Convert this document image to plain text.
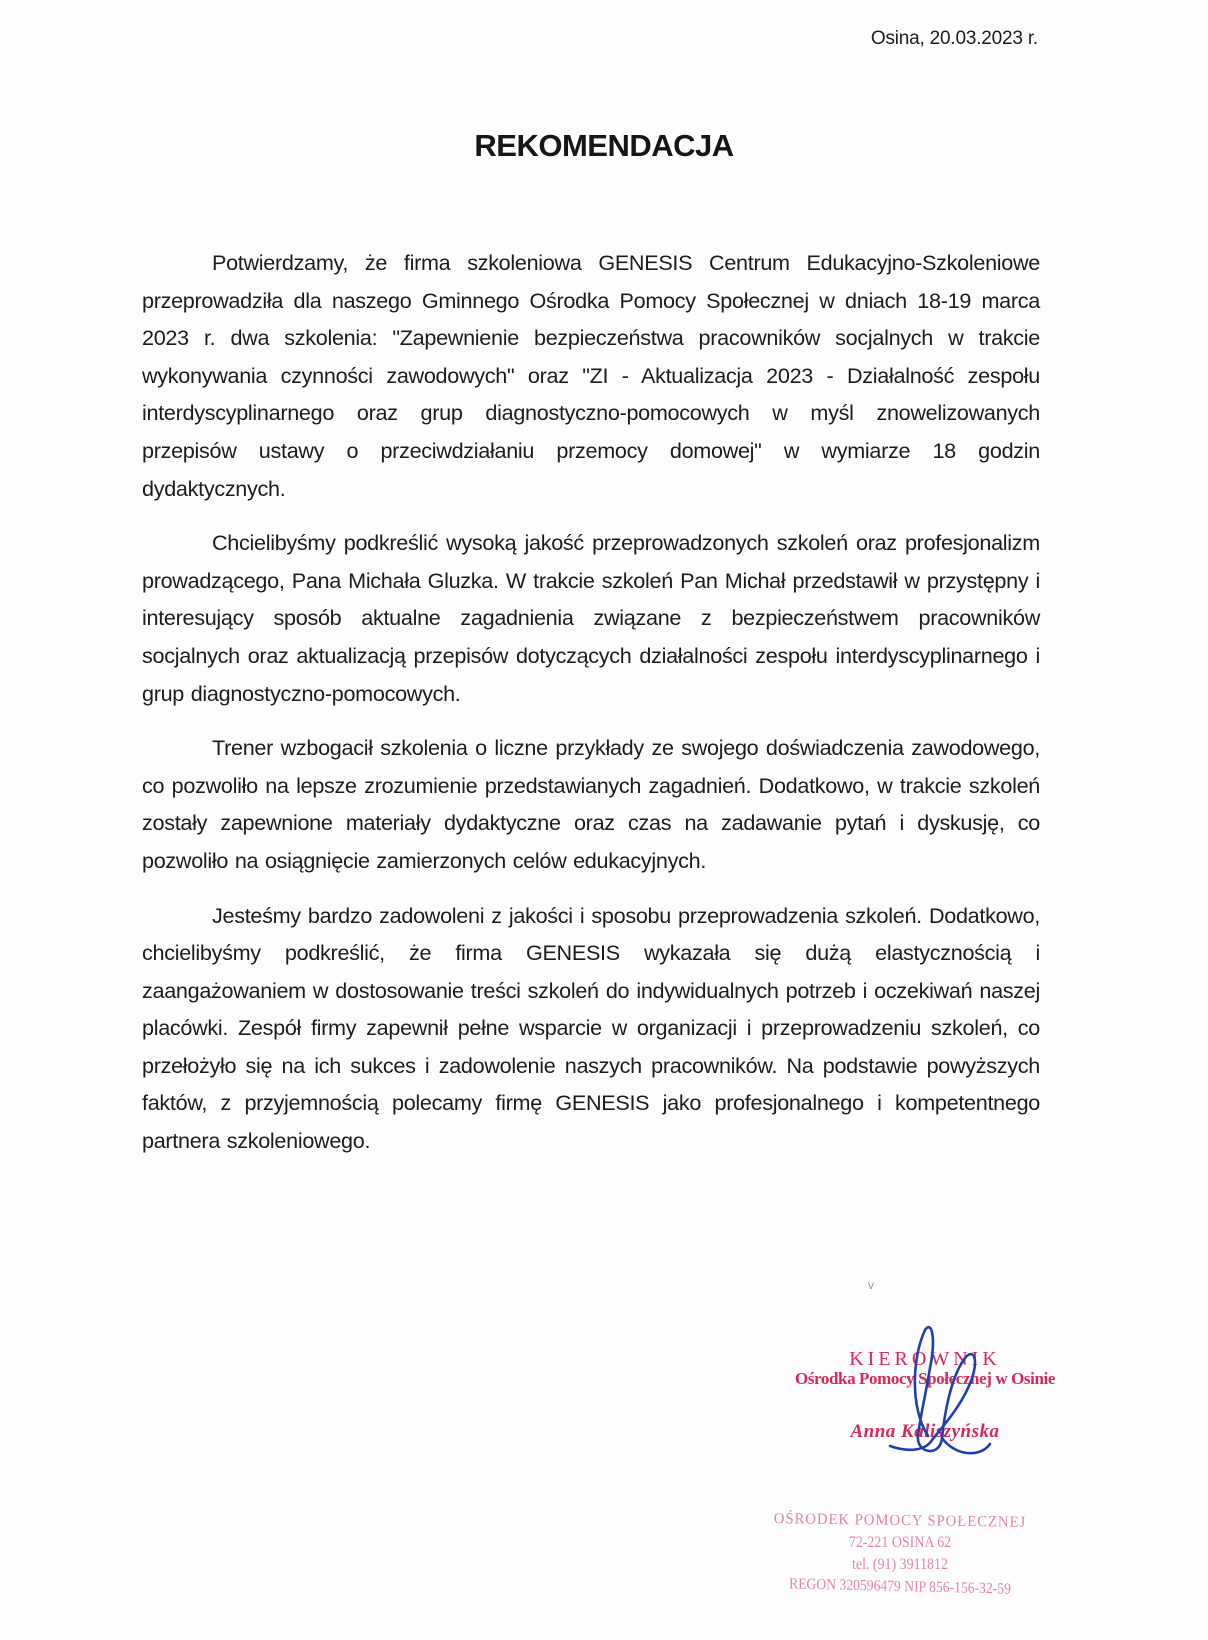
Osina, 20.03.2023 r.
REKOMENDACJA

Potwierdzamy, że firma szkoleniowa GENESIS Centrum Edukacyjno-Szkoleniowe przeprowadziła dla naszego Gminnego Ośrodka Pomocy Społecznej w dniach 18-19 marca 2023 r. dwa szkolenia: "Zapewnienie bezpieczeństwa pracowników socjalnych w trakcie wykonywania czynności zawodowych" oraz "ZI - Aktualizacja 2023 - Działalność zespołu interdyscyplinarnego oraz grup diagnostyczno-pomocowych w myśl znowelizowanych przepisów ustawy o przeciwdziałaniu przemocy domowej" w wymiarze 18 godzin dydaktycznych.

Chcielibyśmy podkreślić wysoką jakość przeprowadzonych szkoleń oraz profesjonalizm prowadzącego, Pana Michała Gluzka. W trakcie szkoleń Pan Michał przedstawił w przystępny i interesujący sposób aktualne zagadnienia związane z bezpieczeństwem pracowników socjalnych oraz aktualizacją przepisów dotyczących działalności zespołu interdyscyplinarnego i grup diagnostyczno-pomocowych.

Trener wzbogacił szkolenia o liczne przykłady ze swojego doświadczenia zawodowego, co pozwoliło na lepsze zrozumienie przedstawianych zagadnień. Dodatkowo, w trakcie szkoleń zostały zapewnione materiały dydaktyczne oraz czas na zadawanie pytań i dyskusję, co pozwoliło na osiągnięcie zamierzonych celów edukacyjnych.

Jesteśmy bardzo zadowoleni z jakości i sposobu przeprowadzenia szkoleń. Dodatkowo, chcielibyśmy podkreślić, że firma GENESIS wykazała się dużą elastycznością i zaangażowaniem w dostosowanie treści szkoleń do indywidualnych potrzeb i oczekiwań naszej placówki. Zespół firmy zapewnił pełne wsparcie w organizacji i przeprowadzeniu szkoleń, co przełożyło się na ich sukces i zadowolenie naszych pracowników. Na podstawie powyższych faktów, z przyjemnością polecamy firmę GENESIS jako profesjonalnego i kompetentnego partnera szkoleniowego.

v
KIEROWNIK
Ośrodka Pomocy Społecznej w Osinie
Anna Kaliszyńska
OŚRODEK POMOCY SPOŁECZNEJ
72-221 OSINA 62
tel. (91) 3911812
REGON 320596479 NIP 856-156-32-59
